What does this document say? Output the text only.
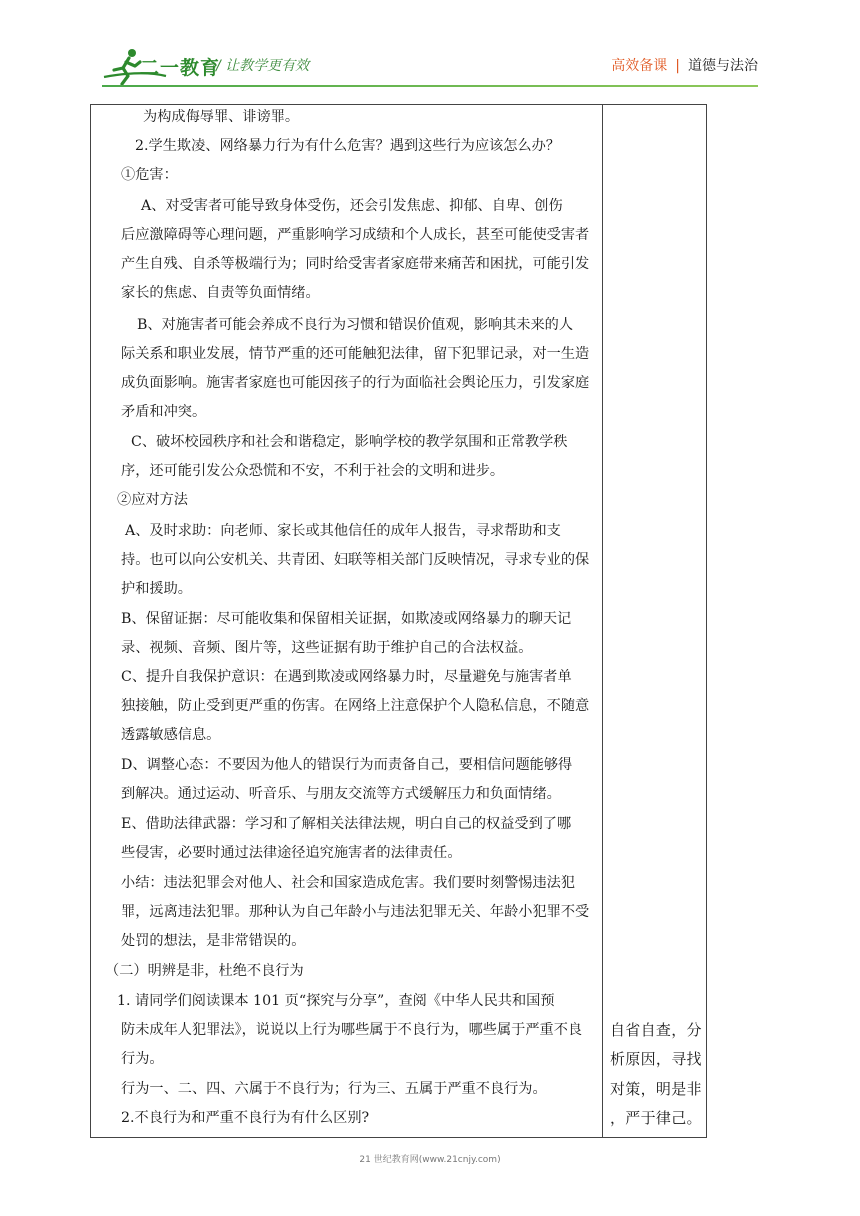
二一教育
/ 让教学更有效	高效备课 | 道德与法治
为构成侮辱罪、诽谤罪。
2.学生欺凌、网络暴力行为有什么危害？遇到这些行为应该怎么办？
①危害：
A、对受害者可能导致身体受伤，还会引发焦虑、抑郁、自卑、创伤
后应激障碍等心理问题，严重影响学习成绩和个人成长，甚至可能使受害者
产生自残、自杀等极端行为；同时给受害者家庭带来痛苦和困扰，可能引发
家长的焦虑、自责等负面情绪。
B、对施害者可能会养成不良行为习惯和错误价值观，影响其未来的人
际关系和职业发展，情节严重的还可能触犯法律，留下犯罪记录，对一生造
成负面影响。施害者家庭也可能因孩子的行为面临社会舆论压力，引发家庭
矛盾和冲突。
C、破坏校园秩序和社会和谐稳定，影响学校的教学氛围和正常教学秩
序，还可能引发公众恐慌和不安，不利于社会的文明和进步。
②应对方法
A、及时求助：向老师、家长或其他信任的成年人报告，寻求帮助和支
持。也可以向公安机关、共青团、妇联等相关部门反映情况，寻求专业的保
护和援助。
B、保留证据：尽可能收集和保留相关证据，如欺凌或网络暴力的聊天记
录、视频、音频、图片等，这些证据有助于维护自己的合法权益。
C、提升自我保护意识：在遇到欺凌或网络暴力时，尽量避免与施害者单
独接触，防止受到更严重的伤害。在网络上注意保护个人隐私信息，不随意
透露敏感信息。
D、调整心态：不要因为他人的错误行为而责备自己，要相信问题能够得
到解决。通过运动、听音乐、与朋友交流等方式缓解压力和负面情绪。
E、借助法律武器：学习和了解相关法律法规，明白自己的权益受到了哪
些侵害，必要时通过法律途径追究施害者的法律责任。
小结：违法犯罪会对他人、社会和国家造成危害。我们要时刻警惕违法犯
罪，远离违法犯罪。那种认为自己年龄小与违法犯罪无关、年龄小犯罪不受
处罚的想法，是非常错误的。
（二）明辨是非，杜绝不良行为
1. 请同学们阅读课本 101 页“探究与分享”，查阅《中华人民共和国预
防未成年人犯罪法》，说说以上行为哪些属于不良行为，哪些属于严重不良
行为。
行为一、二、四、六属于不良行为；行为三、五属于严重不良行为。
2.不良行为和严重不良行为有什么区别?
自省自查，分
析原因，寻找
对策，明是非
，严于律己。
21 世纪教育网(www.21cnjy.com)
